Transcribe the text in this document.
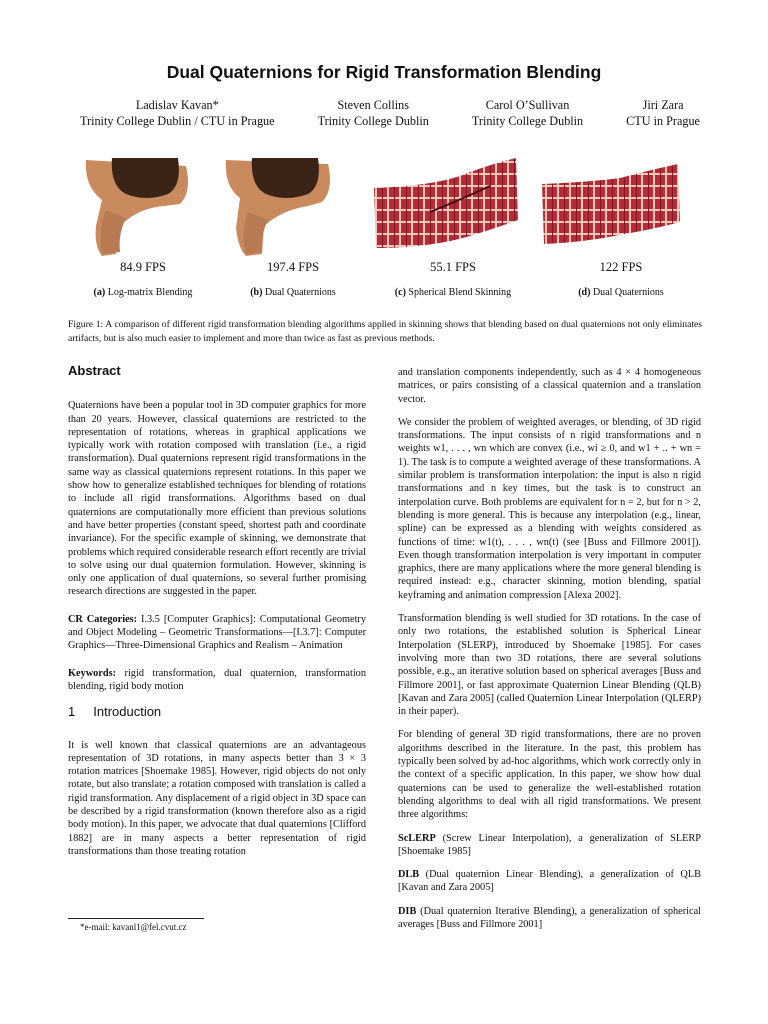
Dual Quaternions for Rigid Transformation Blending
Ladislav Kavan*
Trinity College Dublin / CTU in Prague
Steven Collins
Trinity College Dublin
Carol O’Sullivan
Trinity College Dublin
Jiri Zara
CTU in Prague
84.9 FPS
(a) Log-matrix Blending
197.4 FPS
(b) Dual Quaternions
55.1 FPS
(c) Spherical Blend Skinning
122 FPS
(d) Dual Quaternions
Figure 1: A comparison of different rigid transformation blending algorithms applied in skinning shows that blending based on dual quaternions not only eliminates artifacts, but is also much easier to implement and more than twice as fast as previous methods.
Abstract

Quaternions have been a popular tool in 3D computer graphics for more than 20 years. However, classical quaternions are restricted to the representation of rotations, whereas in graphical applications we typically work with rotation composed with translation (i.e., a rigid transformation). Dual quaternions represent rigid transformations in the same way as classical quaternions represent rotations. In this paper we show how to generalize established techniques for blending of rotations to include all rigid transformations. Algorithms based on dual quaternions are computationally more efficient than previous solutions and have better properties (constant speed, shortest path and coordinate invariance). For the specific example of skinning, we demonstrate that problems which required considerable research effort recently are trivial to solve using our dual quaternion formulation. However, skinning is only one application of dual quaternions, so several further promising research directions are suggested in the paper.

CR Categories: I.3.5 [Computer Graphics]: Computational Geometry and Object Modeling – Geometric Transformations—[I.3.7]: Computer Graphics—Three-Dimensional Graphics and Realism – Animation

Keywords: rigid transformation, dual quaternion, transformation blending, rigid body motion

1 Introduction

It is well known that classical quaternions are an advantageous representation of 3D rotations, in many aspects better than 3 × 3 rotation matrices [Shoemake 1985]. However, rigid objects do not only rotate, but also translate; a rotation composed with translation is called a rigid transformation. Any displacement of a rigid object in 3D space can be described by a rigid transformation (known therefore also as a rigid body motion). In this paper, we advocate that dual quaternions [Clifford 1882] are in many aspects a better representation of rigid transformations than those treating rotation

*e-mail: kavanl1@fel.cvut.cz

and translation components independently, such as 4 × 4 homogeneous matrices, or pairs consisting of a classical quaternion and a translation vector.

We consider the problem of weighted averages, or blending, of 3D rigid transformations. The input consists of n rigid transformations and n weights w1, . . . , wn which are convex (i.e., wi ≥ 0, and w1 + .. + wn = 1). The task is to compute a weighted average of these transformations. A similar problem is transformation interpolation: the input is also n rigid transformations and n key times, but the task is to construct an interpolation curve. Both problems are equivalent for n = 2, but for n > 2, blending is more general. This is because any interpolation (e.g., linear, spline) can be expressed as a blending with weights considered as functions of time: w1(t), . . . , wn(t) (see [Buss and Fillmore 2001]). Even though transformation interpolation is very important in computer graphics, there are many applications where the more general blending is required instead: e.g., character skinning, motion blending, spatial keyframing and animation compression [Alexa 2002].

Transformation blending is well studied for 3D rotations. In the case of only two rotations, the established solution is Spherical Linear Interpolation (SLERP), introduced by Shoemake [1985]. For cases involving more than two 3D rotations, there are several solutions possible, e.g., an iterative solution based on spherical averages [Buss and Fillmore 2001], or fast approximate Quaternion Linear Blending (QLB) [Kavan and Zara 2005] (called Quaternion Linear Interpolation (QLERP) in their paper).

For blending of general 3D rigid transformations, there are no proven algorithms described in the literature. In the past, this problem has typically been solved by ad-hoc algorithms, which work correctly only in the context of a specific application. In this paper, we show how dual quaternions can be used to generalize the well-established rotation blending algorithms to deal with all rigid transformations. We present three algorithms:

ScLERP (Screw Linear Interpolation), a generalization of SLERP [Shoemake 1985]

DLB (Dual quaternion Linear Blending), a generalization of QLB [Kavan and Zara 2005]

DIB (Dual quaternion Iterative Blending), a generalization of spherical averages [Buss and Fillmore 2001]
